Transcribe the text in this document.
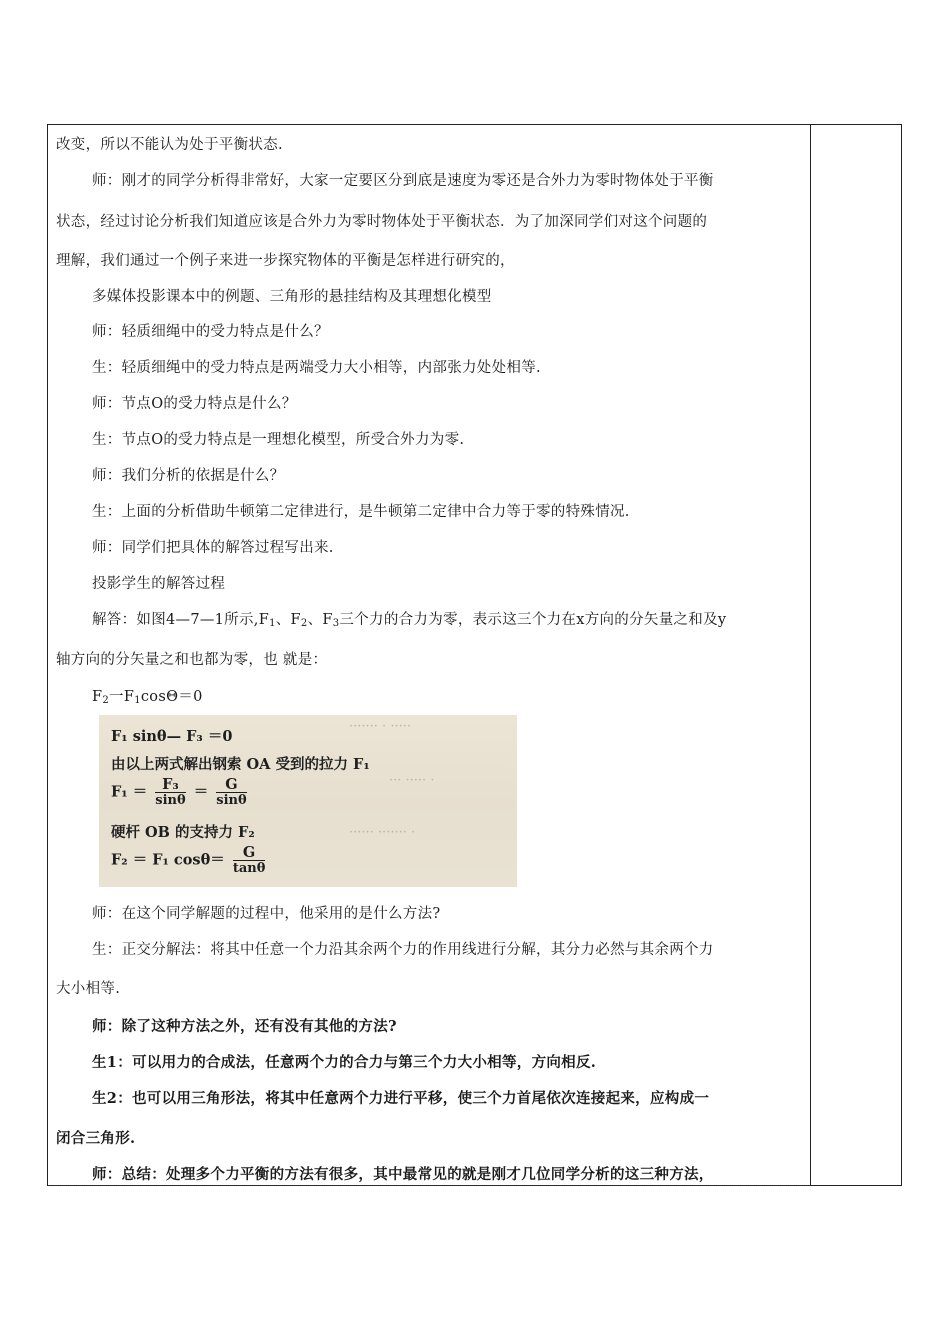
改变，所以不能认为处于平衡状态.
师：刚才的同学分析得非常好，大家一定要区分到底是速度为零还是合外力为零时物体处于平衡
状态，经过讨论分析我们知道应该是合外力为零时物体处于平衡状态．为了加深同学们对这个问题的
理解，我们通过一个例子来进一步探究物体的平衡是怎样进行研究的，
多媒体投影课本中的例题、三角形的悬挂结构及其理想化模型
师：轻质细绳中的受力特点是什么？
生：轻质细绳中的受力特点是两端受力大小相等，内部张力处处相等.
师：节点O的受力特点是什么？
生：节点O的受力特点是一理想化模型，所受合外力为零.
师：我们分析的依据是什么？
生：上面的分析借助牛顿第二定律进行，是牛顿第二定律中合力等于零的特殊情况.
师：同学们把具体的解答过程写出来.
投影学生的解答过程
解答：如图4—7—1所示$,F_1$、$F_2$、$F_3$三个力的合力为零，表示这三个力在x方向的分矢量之和及y
轴方向的分矢量之和也都为零，也 就是：
$F_2$一$F_1\cos\Theta=0$
······· · ·····
··· ····· ·
······ ······· ·
F₁ sinθ— F₃ ＝0
由以上两式解出钢索 OA 受到的拉力 F₁
$F_1 = \frac{\text{F₃}}{\sin\theta} = \frac{G}{\sin\theta}$
硬杆 OB 的支持力 F₂
F₂ ＝ F₁ $\cos\theta= \frac{G}{\tan\theta}$
师：在这个同学解题的过程中，他采用的是什么方法?
生：正交分解法：将其中任意一个力沿其余两个力的作用线进行分解，其分力必然与其余两个力
大小相等.
师：除了这种方法之外，还有没有其他的方法?
生1：可以用力的合成法，任意两个力的合力与第三个力大小相等，方向相反.
生2：也可以用三角形法，将其中任意两个力进行平移，使三个力首尾依次连接起来，应构成一
闭合三角形.
师：总结：处理多个力平衡的方法有很多，其中最常见的就是刚才几位同学分析的这三种方法，
